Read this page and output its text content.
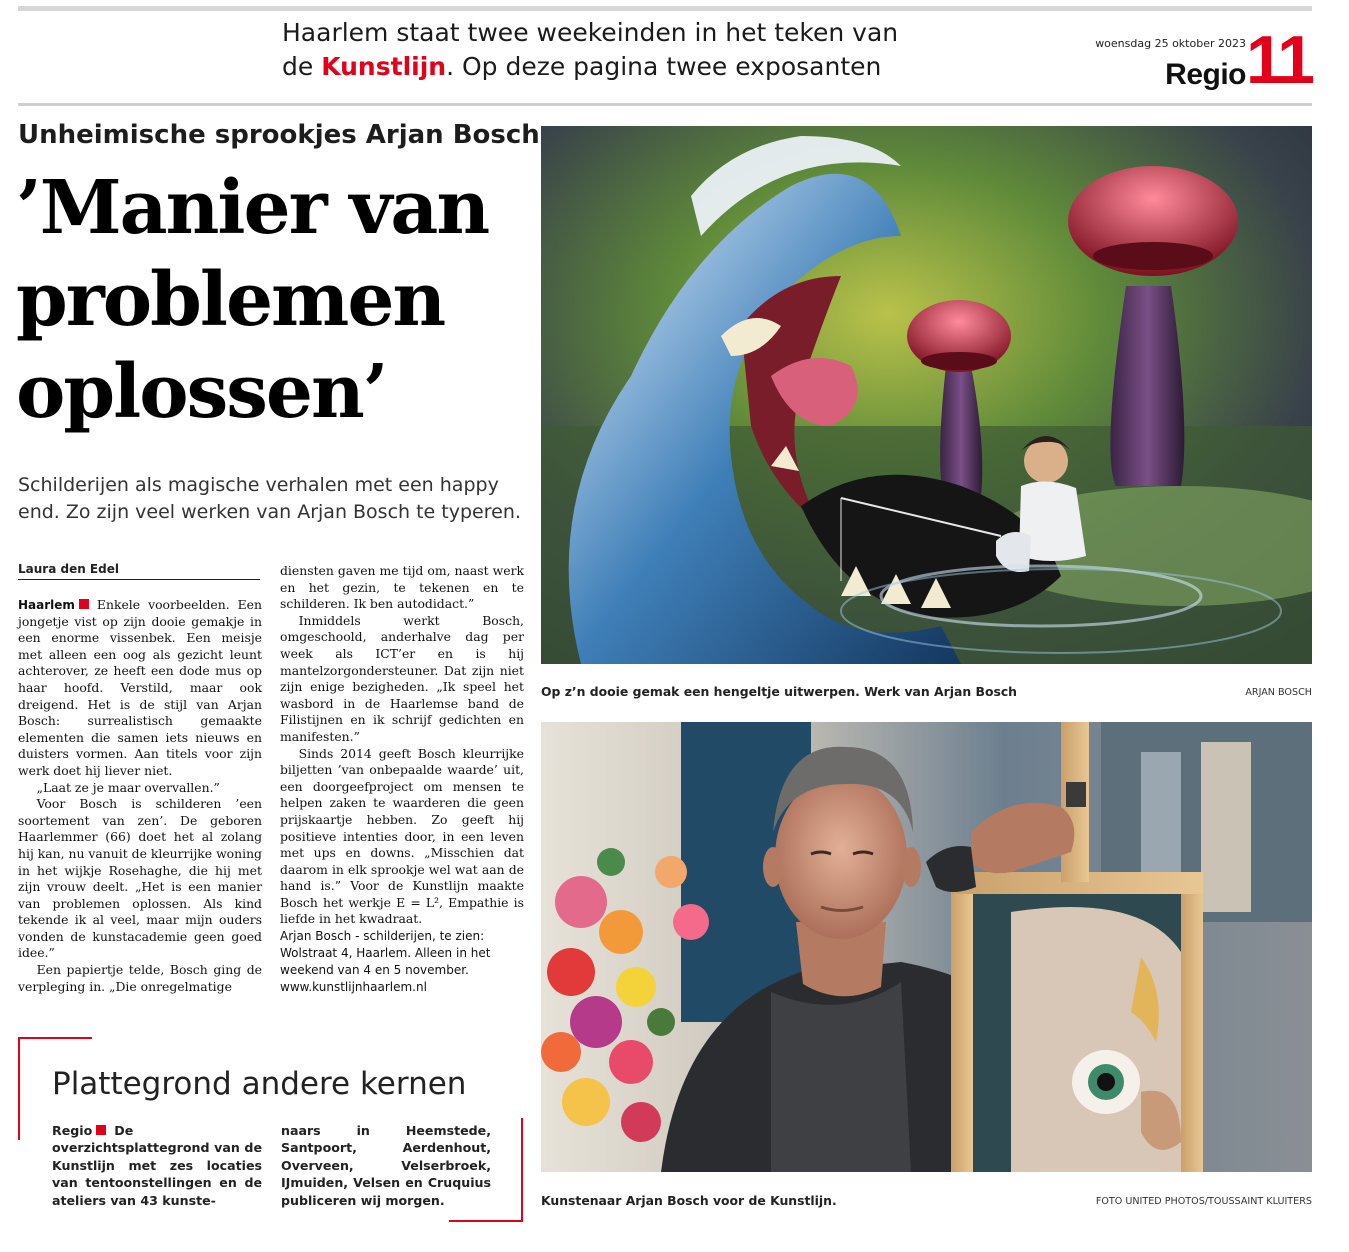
Haarlem staat twee weekeinden in het teken van
de Kunstlijn. Op deze pagina twee exposanten
woensdag 25 oktober 2023
Regio 11
Unheimische sprookjes Arjan Bosch
’Manier van
problemen
oplossen’
Schilderijen als magische verhalen met een happy end. Zo zijn veel werken van Arjan Bosch te typeren.
Laura den Edel

Haarlem Enkele voorbeelden. Een jongetje vist op zijn dooie gemakje in een enorme vissenbek. Een meisje met alleen een oog als gezicht leunt achterover, ze heeft een dode mus op haar hoofd. Verstild, maar ook dreigend. Het is de stijl van Arjan Bosch: surrealistisch gemaakte elementen die samen iets nieuws en duisters vormen. Aan titels voor zijn werk doet hij liever niet.

„Laat ze je maar overvallen.”

Voor Bosch is schilderen ’een soortement van zen’. De geboren Haarlemmer (66) doet het al zolang hij kan, nu vanuit de kleurrijke woning in het wijkje Rosehaghe, die hij met zijn vrouw deelt. „Het is een manier van problemen oplossen. Als kind tekende ik al veel, maar mijn ouders vonden de kunstacademie geen goed idee.”

Een papiertje telde, Bosch ging de verpleging in. „Die onregelmatige

diensten gaven me tijd om, naast werk en het gezin, te tekenen en te schilderen. Ik ben autodidact.”

Inmiddels werkt Bosch, omgeschoold, anderhalve dag per week als ICT’er en is hij mantelzorgondersteuner. Dat zijn niet zijn enige bezigheden. „Ik speel het wasbord in de Haarlemse band de Filistijnen en ik schrijf gedichten en manifesten.”

Sinds 2014 geeft Bosch kleurrijke biljetten ’van onbepaalde waarde’ uit, een doorgeefproject om mensen te helpen zaken te waarderen die geen prijskaartje hebben. Zo geeft hij positieve intenties door, in een leven met ups en downs. „Misschien dat daarom in elk sprookje wel wat aan de hand is.” Voor de Kunstlijn maakte Bosch het werkje E = L², Empathie is liefde in het kwadraat.

Arjan Bosch - schilderijen, te zien:
Wolstraat 4, Haarlem. Alleen in het
weekend van 4 en 5 november.
www.kunstlijnhaarlem.nl

Plattegrond andere kernen
Regio De overzichtsplattegrond van de Kunstlijn met zes locaties van tentoonstellingen en de ateliers van 43 kunste-
naars in Heemstede, Santpoort, Aerdenhout, Overveen, Velserbroek, IJmuiden, Velsen en Cruquius publiceren wij morgen.
Op z’n dooie gemak een hengeltje uitwerpen. Werk van Arjan Bosch	ARJAN BOSCH
Kunstenaar Arjan Bosch voor de Kunstlijn.	FOTO UNITED PHOTOS/TOUSSAINT KLUITERS
